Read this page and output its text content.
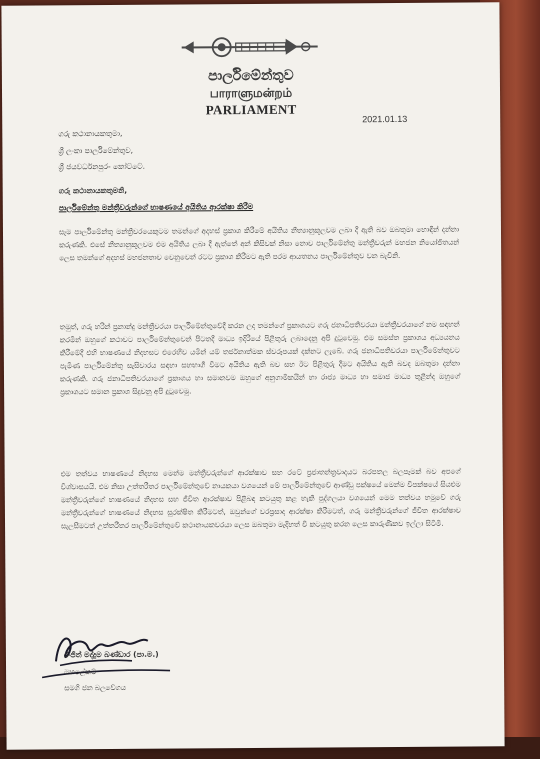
පාර්ලිමේන්තුව
பாராளுமன்றம்
PARLIAMENT
2021.01.13
ගරු කථානායකතුමා,
ශ්‍රී ලංකා පාර්ලිමේන්තුව,
ශ්‍රී ජයවර්ධනපුර- කෝට්ටේ.
ගරු කථානායකතුමනි,
පාර්ලිමේන්තු මන්ත්‍රීවරුන්ගේ භාෂණයේ අයිතිය ආරක්ෂා කිරීම
සෑම පාර්ලිමේන්තු මන්ත්‍රීවරයෙකුටම තමන්ගේ අදහස් ප්‍රකාශ කිරීමේ අයිතිය නීත්‍යානුකූලවම ලබා දී ඇති බව ඔබතුමා හොඳින් දන්නා කරුණකි. එසේ නීත්‍යානුකූලවම එම අයිතිය ලබා දී ඇත්තේ අන් කිසිවක් නිසා නොව පාර්ලිමේන්තු මන්ත්‍රීවරුන් මහජන නියෝජිතයන් ලෙස තමන්ගේ අදහස් මහජනතාව වෙනුවෙන් රටට ප්‍රකාශ කිරීමට ඇති පරම ආයතනය පාර්ලිමේන්තුව වන බැවිනි.
තමුත්, ගරු හරින් ප්‍රනාන්දු මන්ත්‍රීවරයා පාර්ලිමේන්තුවේදී කරන ලද තමන්ගේ ප්‍රකාශයට ගරු ජනාධිපතිවරයා මන්ත්‍රීවරයාගේ නම සඳහන් කරමින් ඔහුගේ කථාවට පාර්ලිමේන්තුවෙන් පිටතදී මාධ්‍ය ඉදිරියේ පිළිතුරු ලබාදෙනු අපි දුටුවෙමු. එම සමස්ත ප්‍රකාශය අධ්‍යයනය කිරීමේදී එහි භාෂණයේ නිදහසට එරෙහිව යමින් යම් තර්ජනාත්මක ස්වරූපයක් දක්නට ලැබේ. ගරු ජනාධිපතිවරයා පාර්ලිමේන්තුවට පැමිණ පාර්ලිමේන්තු සැසිවාරය සඳහා සහභාගී වීමට අයිතිය ඇති බව සහ ඊට පිළිතුරු දීමට අයිතිය ඇති බවද ඔබතුමා දන්නා කරුණකි. ගරු ජනාධිපතිවරයාගේ ප්‍රකාශය හා සමානවම ඔහුගේ අනුගාමිකයින් හා රාජ්‍ය මාධ්‍ය හා සමාජ මාධ්‍ය තුළින්ද ඔහුගේ ප්‍රකාශයට සමාන ප්‍රකාශ සිදුවනු අපි දුටුවෙමු.
එම තත්වය භාෂණයේ නිදහස මෙන්ම මන්ත්‍රීවරුන්ගේ ආරක්ෂාව සහ රටේ ප්‍රජාතන්ත්‍රවාදයට බරපතල බලපෑමක් බව අපගේ විශ්වාසයයි. එම නිසා උත්තරීතර පාර්ලිමේන්තුවේ නායකයා වශයෙන් මේ පාර්ලිමේන්තුවේ ආණ්ඩු පක්ෂයේ මෙන්ම විපක්ෂයේ සියළුම මන්ත්‍රීවරුන්ගේ භාෂණයේ නිදහස සහ ජීවිත ආරක්ෂාව පිළිබඳ කටයුතු කළ හැකි පුද්ගලයා වශයෙන් මෙම තත්වය හමුවේ ගරු මන්ත්‍රීවරුන්ගේ භාෂණයේ නිදහස සුරක්ෂිත කිරීමටත්, ඔවුන්ගේ වරප්‍රසාද ආරක්ෂා කිරීමටත්, ගරු මන්ත්‍රීවරුන්ගේ ජීවිත ආරක්ෂාව සැලසීමටත් උත්තරීතර පාර්ලිමේන්තුවේ කථානායකවරයා ලෙස ඔබතුමා මැදිහත් වී කටයුතු කරන ලෙස කාරුණිකව ඉල්ලා සිටිමි.
රංජිත් මද්දුම බණ්ඩාර (පා.ම.)
මහලේකම්
සමගි ජන බලවේගය
